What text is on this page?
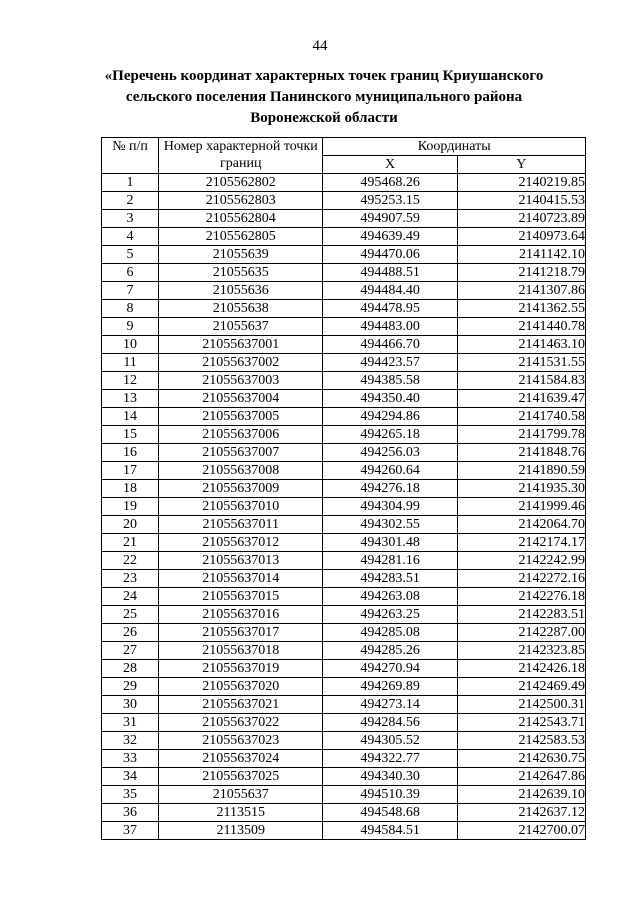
44
«Перечень координат характерных точек границ Криушанского
сельского поселения Панинского муниципального района
Воронежской области
№ п/п	Номер характерной точки границ	Координаты	
		X	Y
1	2105562802	495468.26	2140219.85
2	2105562803	495253.15	2140415.53
3	2105562804	494907.59	2140723.89
4	2105562805	494639.49	2140973.64
5	21055639	494470.06	2141142.10
6	21055635	494488.51	2141218.79
7	21055636	494484.40	2141307.86
8	21055638	494478.95	2141362.55
9	21055637	494483.00	2141440.78
10	21055637001	494466.70	2141463.10
11	21055637002	494423.57	2141531.55
12	21055637003	494385.58	2141584.83
13	21055637004	494350.40	2141639.47
14	21055637005	494294.86	2141740.58
15	21055637006	494265.18	2141799.78
16	21055637007	494256.03	2141848.76
17	21055637008	494260.64	2141890.59
18	21055637009	494276.18	2141935.30
19	21055637010	494304.99	2141999.46
20	21055637011	494302.55	2142064.70
21	21055637012	494301.48	2142174.17
22	21055637013	494281.16	2142242.99
23	21055637014	494283.51	2142272.16
24	21055637015	494263.08	2142276.18
25	21055637016	494263.25	2142283.51
26	21055637017	494285.08	2142287.00
27	21055637018	494285.26	2142323.85
28	21055637019	494270.94	2142426.18
29	21055637020	494269.89	2142469.49
30	21055637021	494273.14	2142500.31
31	21055637022	494284.56	2142543.71
32	21055637023	494305.52	2142583.53
33	21055637024	494322.77	2142630.75
34	21055637025	494340.30	2142647.86
35	21055637	494510.39	2142639.10
36	2113515	494548.68	2142637.12
37	2113509	494584.51	2142700.07
